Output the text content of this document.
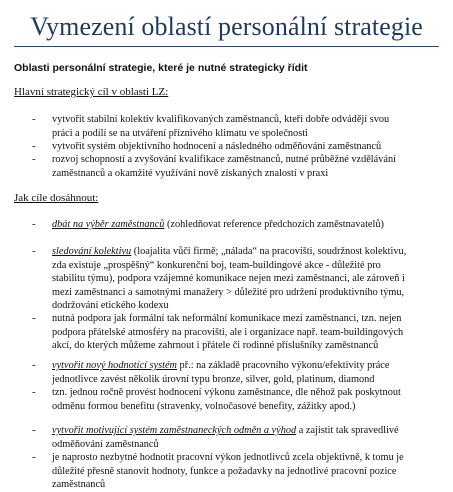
Vymezení oblastí personální strategie
Oblasti personální strategie, které je nutné strategicky řídit
Hlavní strategický cíl v oblasti LZ:
- vytvořit stabilní kolektiv kvalifikovaných zaměstnanců, kteří dobře odvádějí svou

práci a podílí se na utváření příznivého klimatu ve společnosti

- vytvořit systém objektivního hodnocení a následného odměňování zaměstnanců

- rozvoj schopností a zvyšování kvalifikace zaměstnanců, nutné průběžné vzdělávání

zaměstnanců a okamžité využívání nově získaných znalostí v praxi

Jak cíle dosáhnout:
- dbát na výběr zaměstnanců (zohledňovat reference předchozích zaměstnavatelů)

- sledování kolektivu (loajalita vůči firmě; „nálada“ na pracovišti, soudržnost kolektivu,

zda existuje „prospěšný“ konkurenční boj, team-buildingové akce - důležité pro

stabilitu týmu), podpora vzájemné komunikace nejen mezi zaměstnanci, ale zároveň i

mezi zaměstnanci a samotnými manažery > důležité pro udržení produktivního týmu,

dodržování etického kodexu

- nutná podpora jak formální tak neformální komunikace mezi zaměstnanci, tzn. nejen

podpora přátelské atmosféry na pracovišti, ale i organizace např. team-buildingových

akcí, do kterých můžeme zahrnout i přátele či rodinné příslušníky zaměstnanců

- vytvořit nový hodnotící systém př.: na základě pracovního výkonu/efektivity práce

jednotlivce zavést několik úrovní typu bronze, silver, gold, platinum, diamond

- tzn. jednou ročně provést hodnocení výkonu zaměstnance, dle něhož pak poskytnout

odměnu formou benefitu (stravenky, volnočasové benefity, zážitky apod.)

- vytvořit motivující systém zaměstnaneckých odměn a výhod a zajistit tak spravedlivé

odměňování zaměstnanců

- je naprosto nezbytné hodnotit pracovní výkon jednotlivců zcela objektivně, k tomu je

důležité přesně stanovit hodnoty, funkce a požadavky na jednotlivé pracovní pozice

zaměstnanců
